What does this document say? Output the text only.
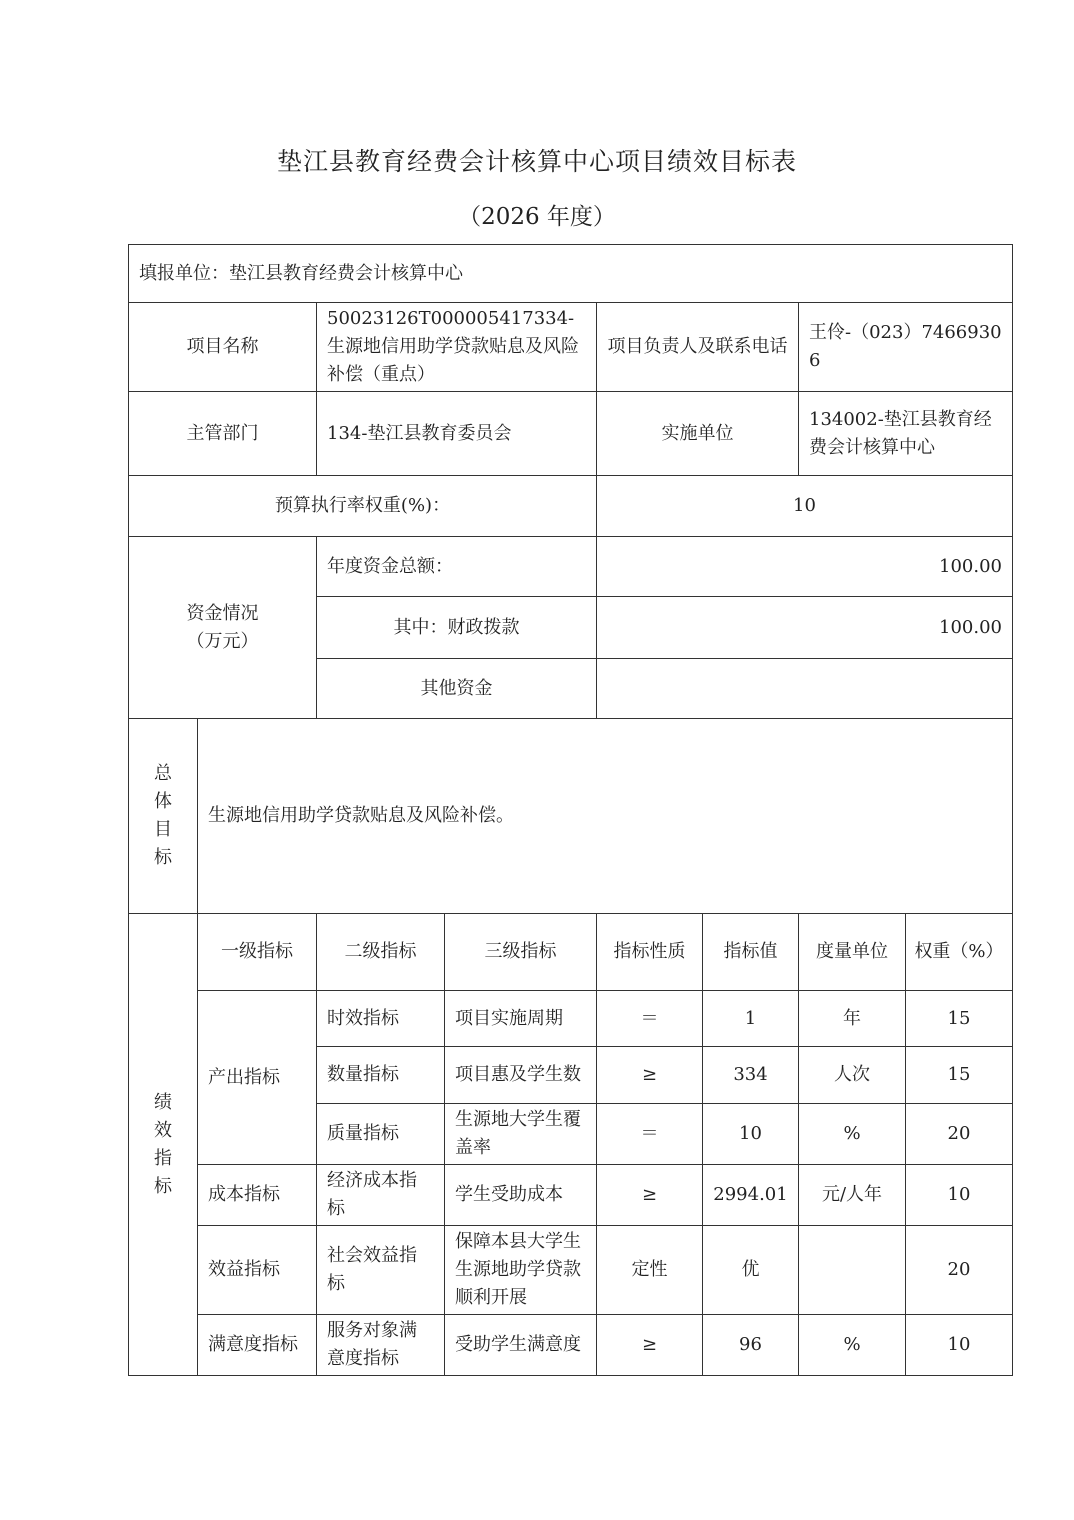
垫江县教育经费会计核算中心项目绩效目标表
（2026 年度）
填报单位：垫江县教育经费会计核算中心							
项目名称		50023126T000005417334-生源地信用助学贷款贴息及风险补偿（重点）		项目负责人及联系电话		王伶-（023）74669306	
主管部门		134-垫江县教育委员会		实施单位		134002-垫江县教育经费会计核算中心	
预算执行率权重(%)：				10			
资金情况（万元）		年度资金总额：		100.00			
		其中：财政拨款		100.00			
		其他资金					
总体目标	生源地信用助学贷款贴息及风险补偿。						
绩效指标	一级指标	二级指标	三级指标	指标性质	指标值	度量单位	权重（%）
	产出指标	时效指标	项目实施周期	＝	1	年	15
		数量指标	项目惠及学生数	≥	334	人次	15
		质量指标	生源地大学生覆盖率	＝	10	%	20
	成本指标	经济成本指标	学生受助成本	≥	2994.01	元/人年	10
	效益指标	社会效益指标	保障本县大学生生源地助学贷款顺利开展	定性	优		20
	满意度指标	服务对象满意度指标	受助学生满意度	≥	96	%	10
